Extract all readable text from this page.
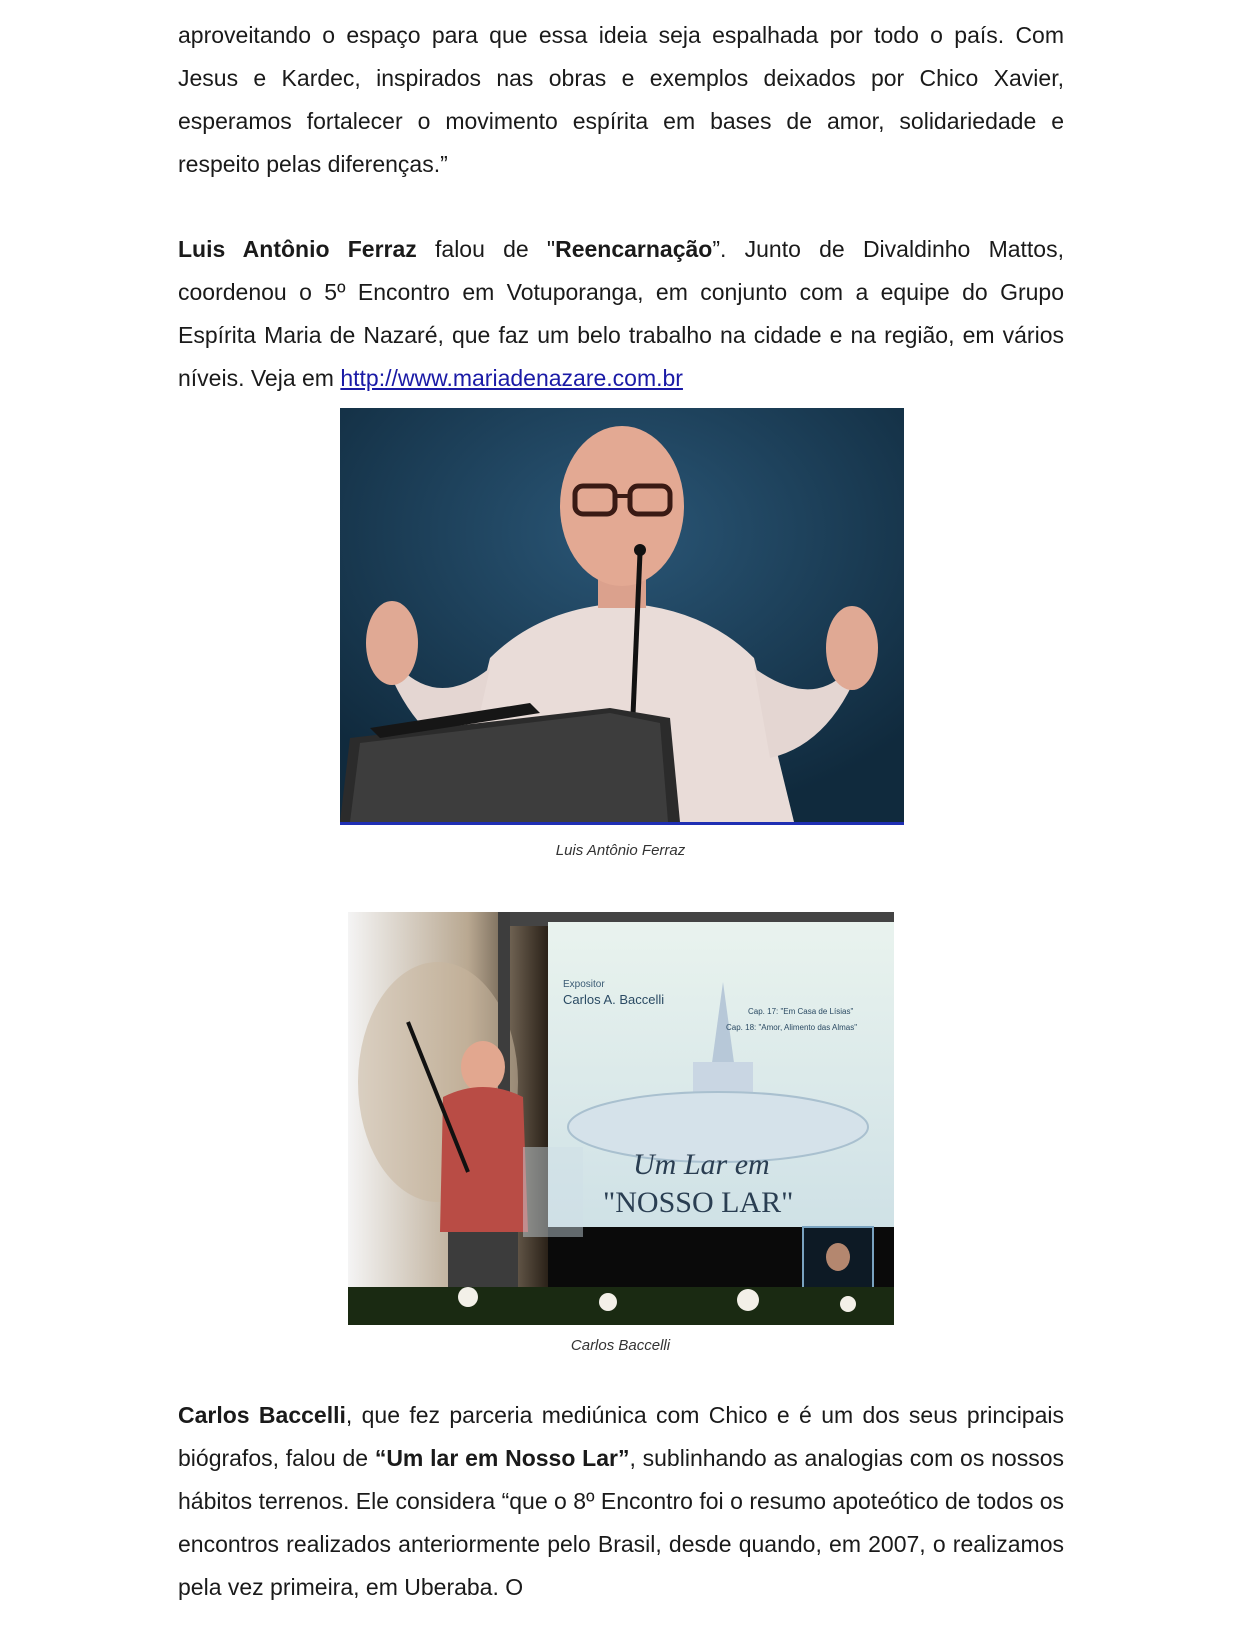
aproveitando o espaço para que essa ideia seja espalhada por todo o país. Com Jesus e Kardec, inspirados nas obras e exemplos deixados por Chico Xavier, esperamos fortalecer o movimento espírita em bases de amor, solidariedade e respeito pelas diferenças.”

Luis Antônio Ferraz falou de "Reencarnação”. Junto de Divaldinho Mattos, coordenou o 5º Encontro em Votuporanga, em conjunto com a equipe do Grupo Espírita Maria de Nazaré, que faz um belo trabalho na cidade e na região, em vários níveis. Veja em http://www.mariadenazare.com.br

Luis Antônio Ferraz

Expositor
Carlos A. Baccelli
Cap. 17: "Em Casa de Lísias"
Cap. 18: "Amor, Alimento das Almas"
Um Lar em
"NOSSO LAR"

Carlos Baccelli

Carlos Baccelli, que fez parceria mediúnica com Chico e é um dos seus principais biógrafos, falou de “Um lar em Nosso Lar”, sublinhando as analogias com os nossos hábitos terrenos. Ele considera “que o 8º Encontro foi o resumo apoteótico de todos os encontros realizados anteriormente pelo Brasil, desde quando, em 2007, o realizamos pela vez primeira, em Uberaba. O
